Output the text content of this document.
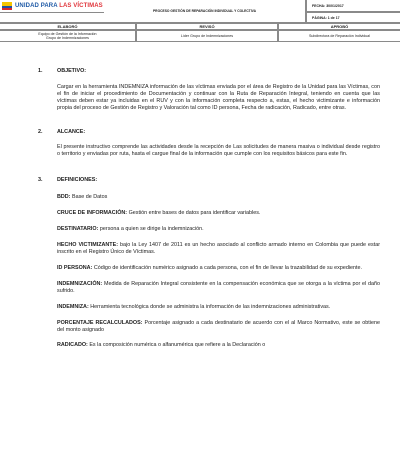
UNIDAD PARA LAS VÍCTIMAS
PROCESO GESTIÓN DE REPARACIÓN INDIVIDUAL Y COLECTIVA
FECHA: 30/01/2017
PÁGINA: 1 de 17
ELABORÓ	REVISÓ	APROBÓ
Equipo de Gestión de la Información
Grupo de Indemnizaciones	Líder Grupo de Indemnizaciones	Subdirectora de Reparación Individual
1.	OBJETIVO:

Cargar en la herramienta INDEMNIZA información de las víctimas enviada por el área de Registro de la Unidad para las Víctimas, con el fin de iniciar el procedimiento de Documentación y continuar con la Ruta de Reparación Integral, teniendo en cuenta que las víctimas deben estar ya incluidas en el RUV y con la información completa respecto a, estas, el hecho victimizante e información propia del proceso de Gestión de Registro y Valoración tal como ID persona, Fecha de radicación, Radicado, entre otras.

2.	ALCANCE:

El presente instructivo comprende las actividades desde la recepción de Las solicitudes de manera masiva o individual desde registro o territorio y enviadas por ruta, hasta el cargue final de la información que cumple con los requisitos básicos para este fin.

3.	DEFINICIONES:

BDD: Base de Datos

CRUCE DE INFORMACIÓN: Gestión entre bases de datos para identificar variables.

DESTINATARIO: persona a quien se dirige la indemnización.

HECHO VICTIMIZANTE: bajo la Ley 1407 de 2011 es un hecho asociado al conflicto armado interno en Colombia que puede estar inscrito en el Registro Único de Víctimas.

ID PERSONA: Código de identificación numérico asignado a cada persona, con el fin de llevar la trazabilidad de su expediente.

INDEMNIZACIÓN: Medida de Reparación Integral consistente en la compensación económica que se otorga a la víctima por el daño sufrido.

INDEMNIZA: Herramienta tecnológica donde se administra la información de las indemnizaciones administrativas.

PORCENTAJE RECALCULADOS: Porcentaje asignado a cada destinatario de acuerdo con el al Marco Normativo, este se obtiene del monto asignado

RADICADO: Es la composición numérica o alfanumérica que refiere a la Declaración o
